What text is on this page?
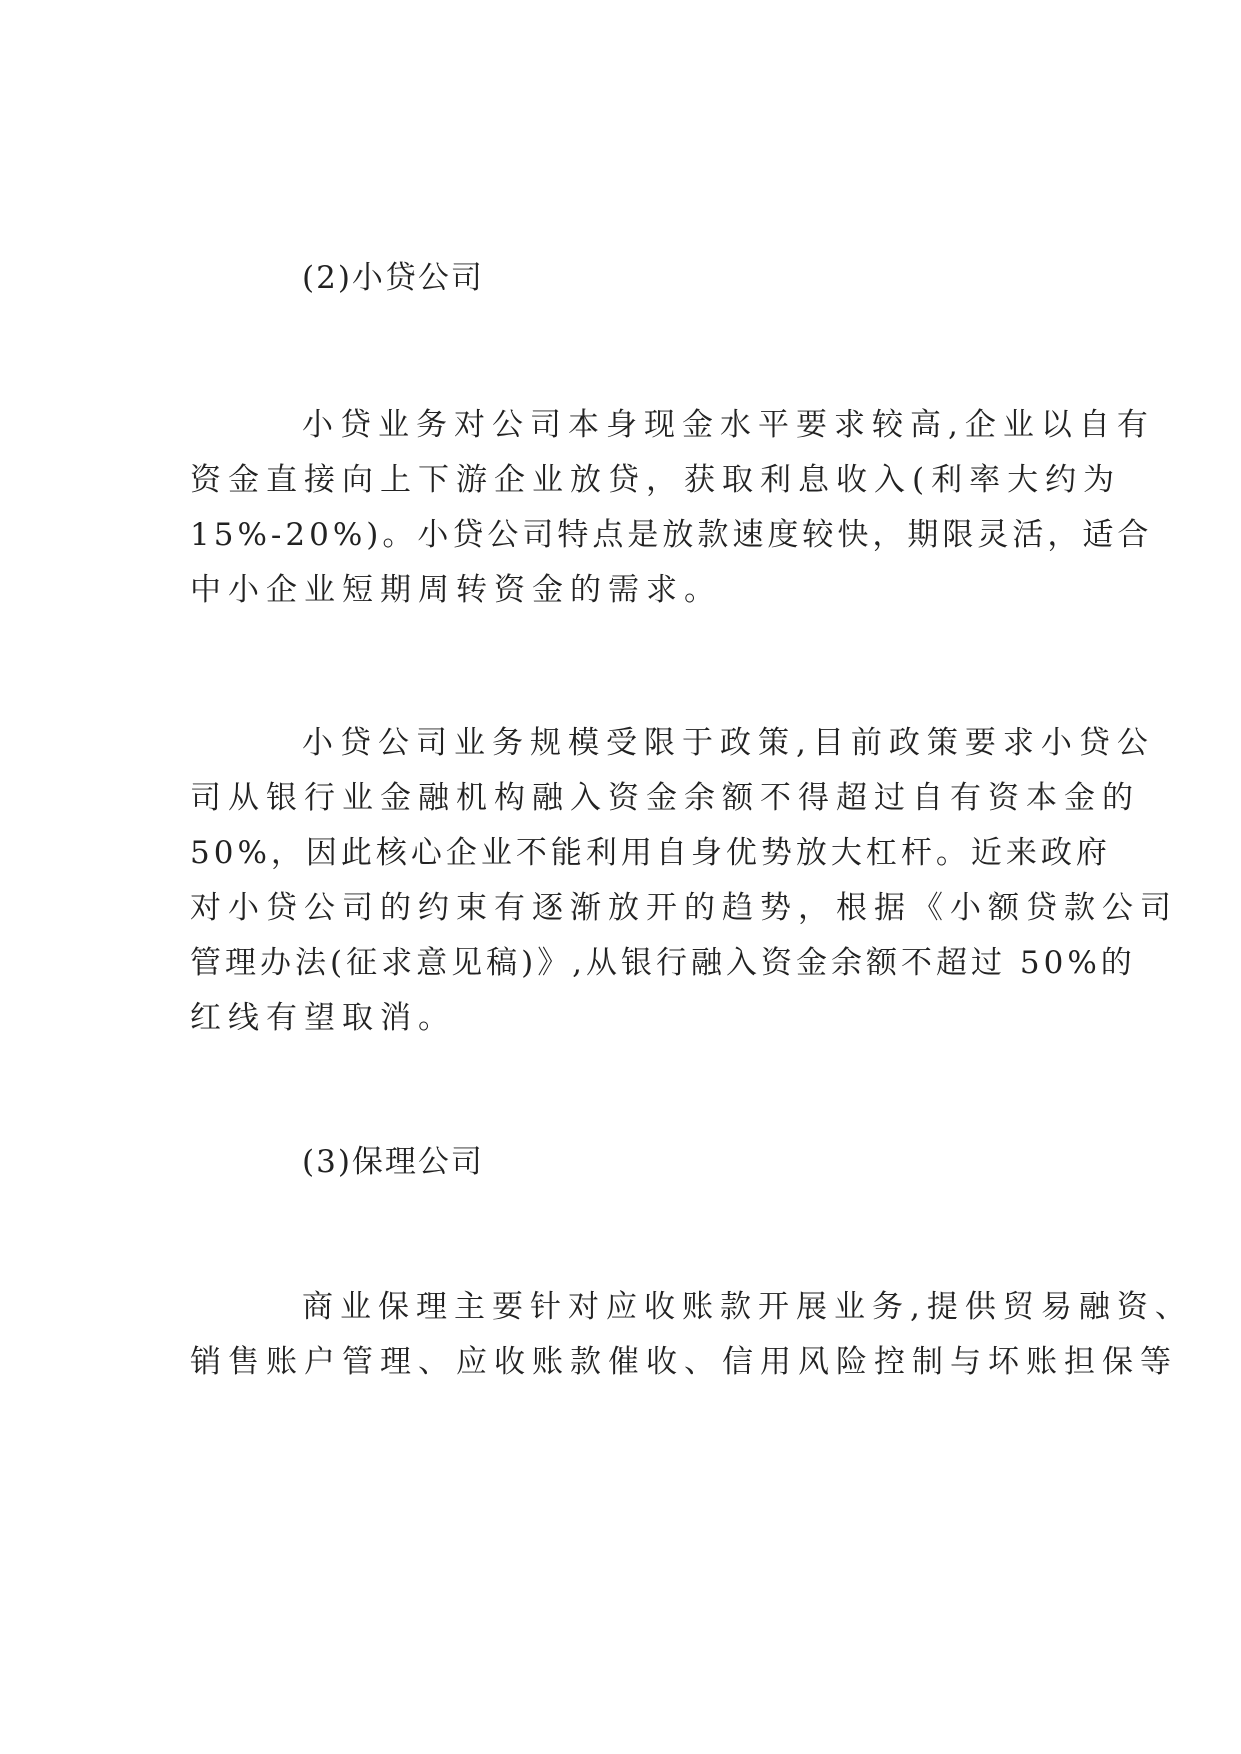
(2)小贷公司
小贷业务对公司本身现金水平要求较高,企业以自有
资金直接向上下游企业放贷，获取利息收入(利率大约为
15%-20%)。小贷公司特点是放款速度较快，期限灵活，适合
中小企业短期周转资金的需求。
小贷公司业务规模受限于政策,目前政策要求小贷公
司从银行业金融机构融入资金余额不得超过自有资本金的
50%，因此核心企业不能利用自身优势放大杠杆。近来政府
对小贷公司的约束有逐渐放开的趋势，根据《小额贷款公司
管理办法(征求意见稿)》,从银行融入资金余额不超过 50%的
红线有望取消。
(3)保理公司
商业保理主要针对应收账款开展业务,提供贸易融资、
销售账户管理、应收账款催收、信用风险控制与坏账担保等
